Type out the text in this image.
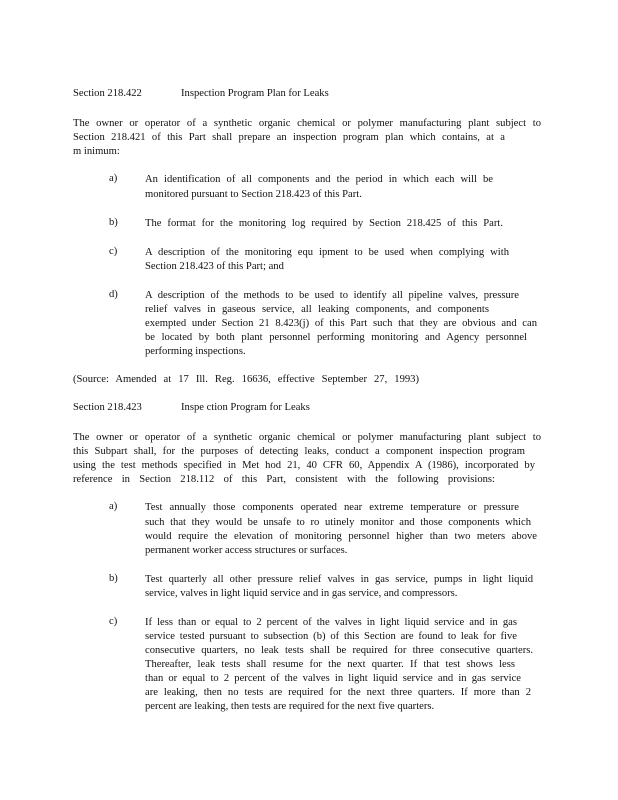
Section 218.422	Inspection Program Plan for Leaks
The owner or operator of a synthetic organic chemical or polymer manufacturing plant subject to
Section 218.421 of this Part shall prepare an inspection program plan which contains, at a
m inimum:
a)	An identification of all components and the period in which each will be
monitored pursuant to Section 218.423 of this Part.
b)	The format for the monitoring log required by Section 218.425 of this Part.
c)	A description of the monitoring equ ipment to be used when complying with
Section 218.423 of this Part; and
d)	A description of the methods to be used to identify all pipeline valves, pressure
relief valves in gaseous service, all leaking components, and components
exempted under Section 21 8.423(j) of this Part such that they are obvious and can
be located by both plant personnel performing monitoring and Agency personnel
performing inspections.
(Source: Amended at 17 Ill. Reg. 16636, effective September 27, 1993)
Section 218.423	Inspe ction Program for Leaks
The owner or operator of a synthetic organic chemical or polymer manufacturing plant subject to
this Subpart shall, for the purposes of detecting leaks, conduct a component inspection program
using the test methods specified in Met hod 21, 40 CFR 60, Appendix A (1986), incorporated by
reference in Section 218.112 of this Part, consistent with the following provisions:
a)	Test annually those components operated near extreme temperature or pressure
such that they would be unsafe to ro utinely monitor and those components which
would require the elevation of monitoring personnel higher than two meters above
permanent worker access structures or surfaces.
b)	Test quarterly all other pressure relief valves in gas service, pumps in light liquid
service, valves in light liquid service and in gas service, and compressors.
c)	If less than or equal to 2 percent of the valves in light liquid service and in gas
service tested pursuant to subsection (b) of this Section are found to leak for five
consecutive quarters, no leak tests shall be required for three consecutive quarters.
Thereafter, leak tests shall resume for the next quarter. If that test shows less
than or equal to 2 percent of the valves in light liquid service and in gas service
are leaking, then no tests are required for the next three quarters. If more than 2
percent are leaking, then tests are required for the next five quarters.
